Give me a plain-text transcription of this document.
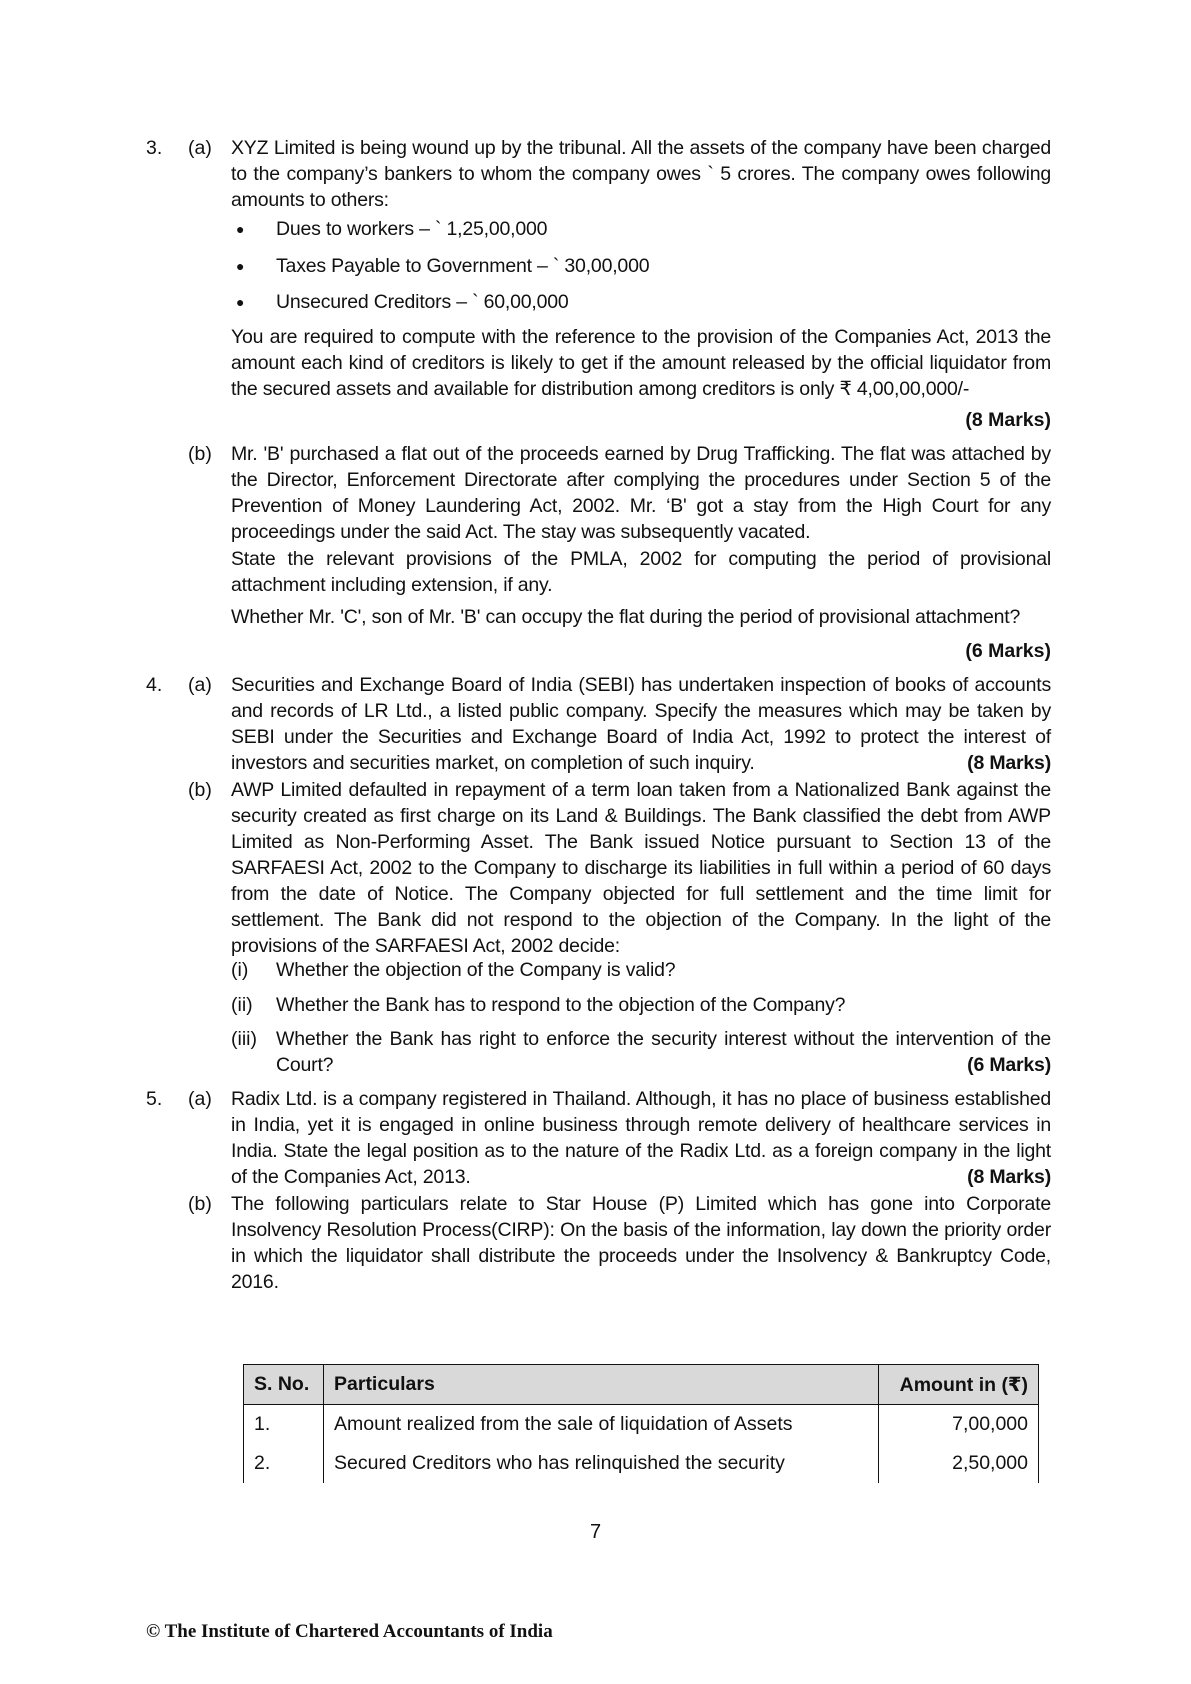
3. (a) XYZ Limited is being wound up by the tribunal. All the assets of the company have been charged to the company’s bankers to whom the company owes ` 5 crores. The company owes following amounts to others:

● Dues to workers – ` 1,25,00,000
● Taxes Payable to Government – ` 30,00,000
● Unsecured Creditors – ` 60,00,000

You are required to compute with the reference to the provision of the Companies Act, 2013 the amount each kind of creditors is likely to get if the amount released by the official liquidator from the secured assets and available for distribution among creditors is only ₹ 4,00,00,000/-

(8 Marks)
(b) Mr. 'B' purchased a flat out of the proceeds earned by Drug Trafficking. The flat was attached by the Director, Enforcement Directorate after complying the procedures under Section 5 of the Prevention of Money Laundering Act, 2002. Mr. ‘B' got a stay from the High Court for any proceedings under the said Act. The stay was subsequently vacated.

State the relevant provisions of the PMLA, 2002 for computing the period of provisional attachment including extension, if any.

Whether Mr. 'C', son of Mr. 'B' can occupy the flat during the period of provisional attachment?

(6 Marks)
4. (a) Securities and Exchange Board of India (SEBI) has undertaken inspection of books of accounts and records of LR Ltd., a listed public company. Specify the measures which may be taken by SEBI under the Securities and Exchange Board of India Act, 1992 to protect the interest of investors and securities market, on completion of such inquiry.	(8 Marks)

(b) AWP Limited defaulted in repayment of a term loan taken from a Nationalized Bank against the security created as first charge on its Land & Buildings. The Bank classified the debt from AWP Limited as Non-Performing Asset. The Bank issued Notice pursuant to Section 13 of the SARFAESI Act, 2002 to the Company to discharge its liabilities in full within a period of 60 days from the date of Notice. The Company objected for full settlement and the time limit for settlement. The Bank did not respond to the objection of the Company. In the light of the provisions of the SARFAESI Act, 2002 decide:

(i) Whether the objection of the Company is valid?

(ii) Whether the Bank has to respond to the objection of the Company?

(iii) Whether the Bank has right to enforce the security interest without the intervention of the Court?	(6 Marks)

5. (a) Radix Ltd. is a company registered in Thailand. Although, it has no place of business established in India, yet it is engaged in online business through remote delivery of healthcare services in India. State the legal position as to the nature of the Radix Ltd. as a foreign company in the light of the Companies Act, 2013.	(8 Marks)

(b) The following particulars relate to Star House (P) Limited which has gone into Corporate Insolvency Resolution Process(CIRP): On the basis of the information, lay down the priority order in which the liquidator shall distribute the proceeds under the Insolvency & Bankruptcy Code, 2016.

S. No.	Particulars	Amount in (₹)
1.	Amount realized from the sale of liquidation of Assets	7,00,000
2.	Secured Creditors who has relinquished the security	2,50,000
7
© The Institute of Chartered Accountants of India
